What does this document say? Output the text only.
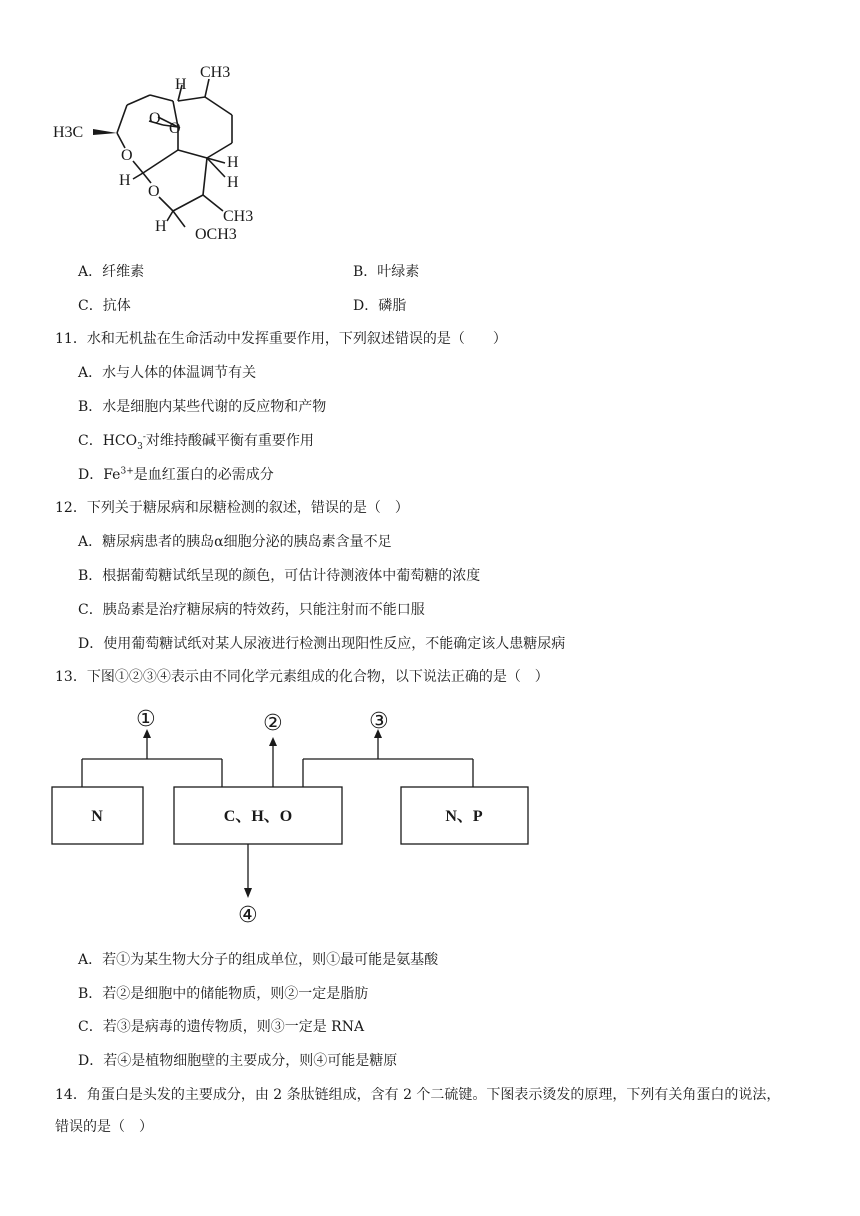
CH3
H3C
H
H
H
H
H
O
O
O
O
CH3
OCH3
A．纤维素	B．叶绿素
C．抗体	D．磷脂
11．水和无机盐在生命活动中发挥重要作用，下列叙述错误的是（　　）
A．水与人体的体温调节有关
B．水是细胞内某些代谢的反应物和产物
C．$HCO_3^-$对维持酸碱平衡有重要作用
D．$Fe^{3+}$是血红蛋白的必需成分
12．下列关于糖尿病和尿糖检测的叙述，错误的是（　）
A．糖尿病患者的胰岛α细胞分泌的胰岛素含量不足
B．根据葡萄糖试纸呈现的颜色，可估计待测液体中葡萄糖的浓度
C．胰岛素是治疗糖尿病的特效药，只能注射而不能口服
D．使用葡萄糖试纸对某人尿液进行检测出现阳性反应，不能确定该人患糖尿病
13．下图①②③④表示由不同化学元素组成的化合物，以下说法正确的是（　）
①	②	③
④
N	C、H、O	N、P
A．若①为某生物大分子的组成单位，则①最可能是氨基酸
B．若②是细胞中的储能物质，则②一定是脂肪
C．若③是病毒的遗传物质，则③一定是 RNA
D．若④是植物细胞壁的主要成分，则④可能是糖原
14．角蛋白是头发的主要成分，由 2 条肽链组成，含有 2 个二硫键。下图表示烫发的原理，下列有关角蛋白的说法，
错误的是（　）
